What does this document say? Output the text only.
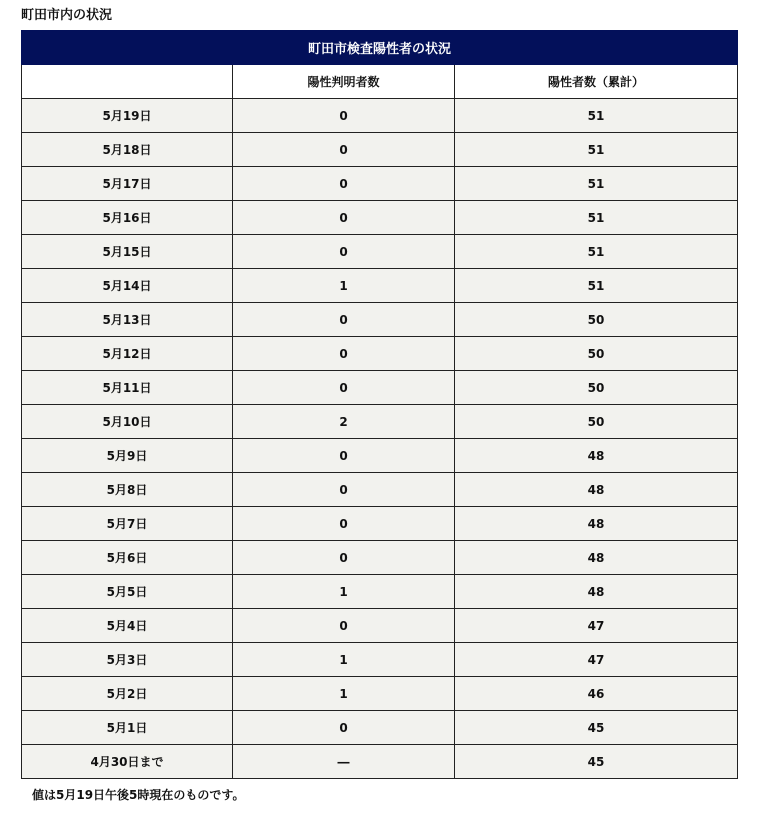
町田市内の状況
町田市検査陽性者の状況		
	陽性判明者数	陽性者数（累計）
5月19日	0	51
5月18日	0	51
5月17日	0	51
5月16日	0	51
5月15日	0	51
5月14日	1	51
5月13日	0	50
5月12日	0	50
5月11日	0	50
5月10日	2	50
5月9日	0	48
5月8日	0	48
5月7日	0	48
5月6日	0	48
5月5日	1	48
5月4日	0	47
5月3日	1	47
5月2日	1	46
5月1日	0	45
4月30日まで	―	45

値は5月19日午後5時現在のものです。
